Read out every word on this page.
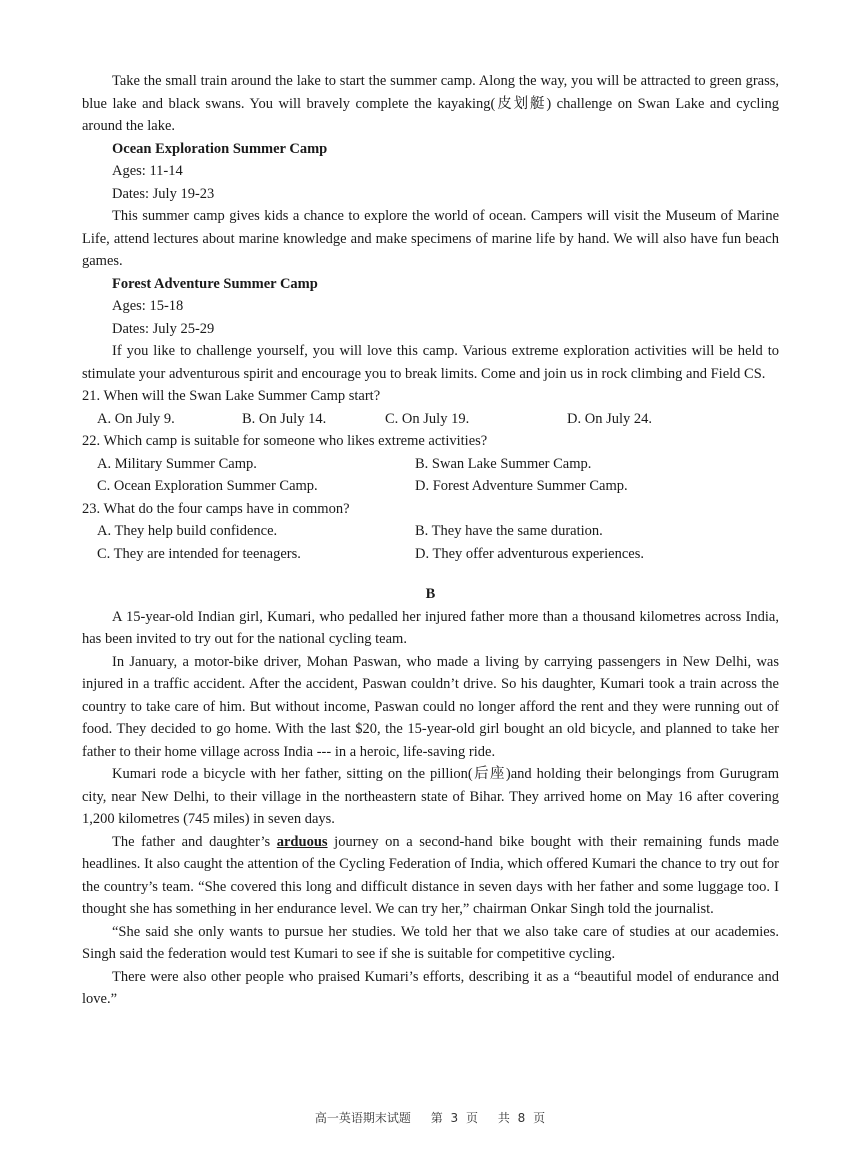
Take the small train around the lake to start the summer camp. Along the way, you will be attracted to green grass, blue lake and black swans. You will bravely complete the kayaking(皮划艇) challenge on Swan Lake and cycling around the lake.

Ocean Exploration Summer Camp

Ages: 11-14

Dates: July 19-23

This summer camp gives kids a chance to explore the world of ocean. Campers will visit the Museum of Marine Life, attend lectures about marine knowledge and make specimens of marine life by hand. We will also have fun beach games.

Forest Adventure Summer Camp

Ages: 15-18

Dates: July 25-29

If you like to challenge yourself, you will love this camp. Various extreme exploration activities will be held to stimulate your adventurous spirit and encourage you to break limits. Come and join us in rock climbing and Field CS.

21. When will the Swan Lake Summer Camp start?

A. On July 9.	B. On July 14.	C. On July 19.	D. On July 24.

22. Which camp is suitable for someone who likes extreme activities?

A. Military Summer Camp.	B. Swan Lake Summer Camp.
C. Ocean Exploration Summer Camp.	D. Forest Adventure Summer Camp.

23. What do the four camps have in common?

A. They help build confidence.	B. They have the same duration.
C. They are intended for teenagers.	D. They offer adventurous experiences.

B

A 15-year-old Indian girl, Kumari, who pedalled her injured father more than a thousand kilometres across India, has been invited to try out for the national cycling team.

In January, a motor-bike driver, Mohan Paswan, who made a living by carrying passengers in New Delhi, was injured in a traffic accident. After the accident, Paswan couldn’t drive. So his daughter, Kumari took a train across the country to take care of him. But without income, Paswan could no longer afford the rent and they were running out of food. They decided to go home. With the last $20, the 15-year-old girl bought an old bicycle, and planned to take her father to their home village across India --- in a heroic, life-saving ride.

Kumari rode a bicycle with her father, sitting on the pillion(后座)and holding their belongings from Gurugram city, near New Delhi, to their village in the northeastern state of Bihar. They arrived home on May 16 after covering 1,200 kilometres (745 miles) in seven days.

The father and daughter’s arduous journey on a second-hand bike bought with their remaining funds made headlines. It also caught the attention of the Cycling Federation of India, which offered Kumari the chance to try out for the country’s team. “She covered this long and difficult distance in seven days with her father and some luggage too. I thought she has something in her endurance level. We can try her,” chairman Onkar Singh told the journalist.

“She said she only wants to pursue her studies. We told her that we also take care of studies at our academies. Singh said the federation would test Kumari to see if she is suitable for competitive cycling.

There were also other people who praised Kumari’s efforts, describing it as a “beautiful model of endurance and love.”

高一英语期末试题 第 3 页 共 8 页
